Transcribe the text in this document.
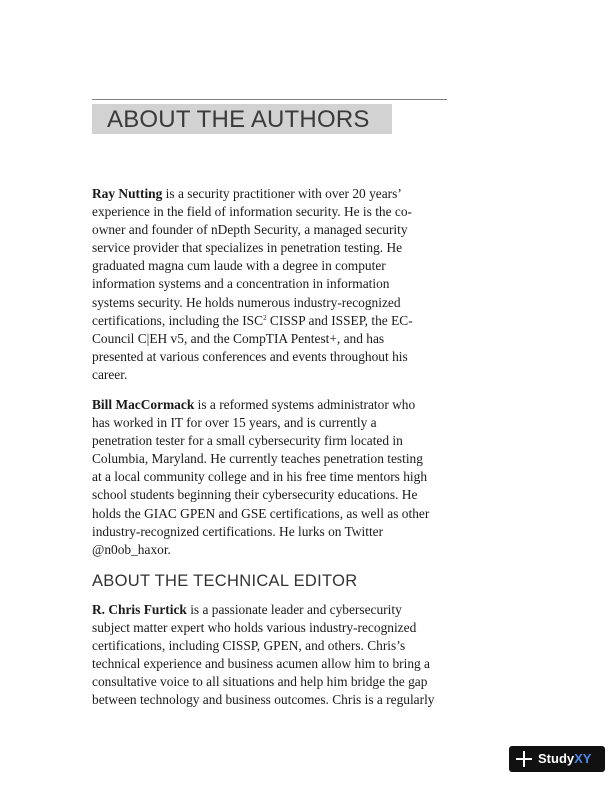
ABOUT THE AUTHORS
Ray Nutting is a security practitioner with over 20 years’
experience in the field of information security. He is the co-
owner and founder of nDepth Security, a managed security
service provider that specializes in penetration testing. He
graduated magna cum laude with a degree in computer
information systems and a concentration in information
systems security. He holds numerous industry-recognized
certifications, including the ISC$^2$ CISSP and ISSEP, the EC-
Council C|EH v5, and the CompTIA Pentest+, and has
presented at various conferences and events throughout his
career.
Bill MacCormack is a reformed systems administrator who
has worked in IT for over 15 years, and is currently a
penetration tester for a small cybersecurity firm located in
Columbia, Maryland. He currently teaches penetration testing
at a local community college and in his free time mentors high
school students beginning their cybersecurity educations. He
holds the GIAC GPEN and GSE certifications, as well as other
industry-recognized certifications. He lurks on Twitter
@n0ob_haxor.
ABOUT THE TECHNICAL EDITOR
R. Chris Furtick is a passionate leader and cybersecurity
subject matter expert who holds various industry-recognized
certifications, including CISSP, GPEN, and others. Chris’s
technical experience and business acumen allow him to bring a
consultative voice to all situations and help him bridge the gap
between technology and business outcomes. Chris is a regularly
StudyXY
